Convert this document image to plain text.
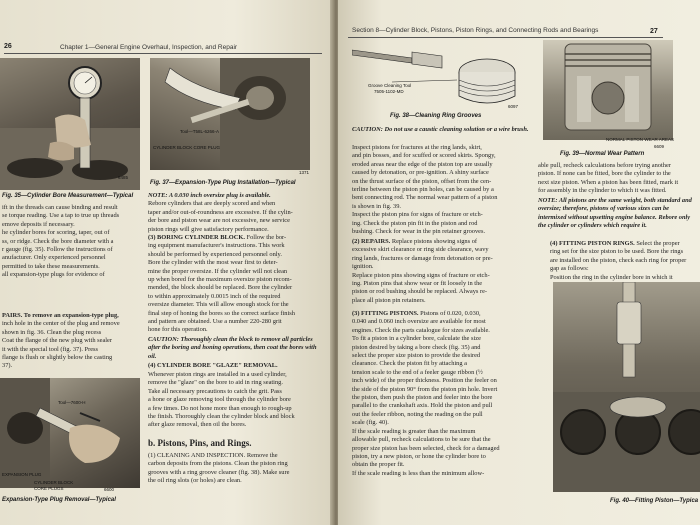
26	Chapter 1—General Engine Overhaul, Inspection, and Repair
6485
Fig. 35—Cylinder Bore Measurement—Typical
Tool—T58L-6266-A
CYLINDER BLOCK CORE PLUG
1371
Fig. 37—Expansion-Type Plug Installation—Typical

ift in the threads can cause binding and result

se torque reading. Use a tap to true up threads

emove deposits if necessary.

he cylinder bores for scoring, taper, out of

ss, or ridge. Check the bore diameter with a

r gauge (fig. 35). Follow the instructions of

anufacturer. Only experienced personnel

permitted to take these measurements.

all expansion-type plugs for evidence of

PAIRS. To remove an expansion-type plug,

inch hole in the center of the plug and remove

shown in fig. 36. Clean the plug recess

Coat the flange of the new plug with sealer

it with the special tool (fig. 37). Press

flange is flush or slightly below the casting

37).

Tool—7600-H
EXPANSION PLUG
CYLINDER BLOCK CORE PLUGS	6600
Expansion-Type Plug Removal—Typical

NOTE: A 0.030 inch oversize plug is available.

Rebore cylinders that are deeply scored and when

taper and/or out-of-roundness are excessive. If the cylin-

der bore and piston wear are not excessive, new service

piston rings will give satisfactory performance.

(3) BORING CYLINDER BLOCK. Follow the bor-

ing equipment manufacturer's instructions. This work

should be performed by experienced personnel only.

Bore the cylinder with the most wear first to deter-

mine the proper oversize. If the cylinder will not clean

up when bored for the maximum oversize piston recom-

mended, the block should be replaced. Bore the cylinder

to within approximately 0.0015 inch of the required

oversize diameter. This will allow enough stock for the

final step of honing the bores so the correct surface finish

and pattern are obtained. Use a number 220-280 grit

hone for this operation.

CAUTION: Thoroughly clean the block to remove all particles after the boring and honing operations, then coat the bores with oil.
(4) CYLINDER BORE "GLAZE" REMOVAL.

Whenever piston rings are installed in a used cylinder,

remove the "glaze" on the bore to aid in ring seating.

Take all necessary precautions to catch the grit. Pass

a hone or glaze removing tool through the cylinder bore

a few times. Do not hone more than enough to rough-up

the finish. Thoroughly clean the cylinder block and block

after glaze removal, then oil the bores.

b. Pistons, Pins, and Rings.

(1) CLEANING AND INSPECTION. Remove the

carbon deposits from the pistons. Clean the piston ring

grooves with a ring groove cleaner (fig. 38). Make sure

the oil ring slots (or holes) are clean.

Section 8—Cylinder Block, Pistons, Piston Rings, and Connecting Rods and Bearings	27
Groove Cleaning Tool
7505-1102-MD
6097
Fig. 38—Cleaning Ring Grooves
NORMAL PISTON WEAR AREAS
6609
Fig. 39—Normal Wear Pattern
CAUTION: Do not use a caustic cleaning solution or a wire brush.

Inspect pistons for fractures at the ring lands, skirt,

and pin bosses, and for scuffed or scored skirts. Spongy,

eroded areas near the edge of the piston top are usually

caused by detonation, or pre-ignition. A shiny surface

on the thrust surface of the piston, offset from the cen-

terline between the piston pin holes, can be caused by a

bent connecting rod. The normal wear pattern of a piston

is shown in fig. 39.

Inspect the piston pins for signs of fracture or etch-

ing. Check the piston pin fit in the piston and rod

bushing. Check for wear in the pin retainer grooves.

(2) REPAIRS. Replace pistons showing signs of

excessive skirt clearance or ring side clearance, wavy

ring lands, fractures or damage from detonation or pre-

ignition.

Replace piston pins showing signs of fracture or etch-

ing. Piston pins that show wear or fit loosely in the

piston or rod bushing should be replaced. Always re-

place all piston pin retainers.

(3) FITTING PISTONS. Pistons of 0.020, 0.030,

0.040 and 0.060 inch oversize are available for most

engines. Check the parts catalogue for sizes available.

To fit a piston in a cylinder bore, calculate the size

piston desired by taking a bore check (fig. 35) and

select the proper size piston to provide the desired

clearance. Check the piston fit by attaching a

tension scale to the end of a feeler gauge ribbon (½

inch wide) of the proper thickness. Position the feeler on

the side of the piston 90° from the piston pin hole. Invert

the piston, then push the piston and feeler into the bore

parallel to the crankshaft axis. Hold the piston and pull

out the feeler ribbon, noting the reading on the pull

scale (fig. 40).

If the scale reading is greater than the maximum

allowable pull, recheck calculations to be sure that the

proper size piston has been selected, check for a damaged

piston, try a new piston, or hone the cylinder bore to

obtain the proper fit.

If the scale reading is less than the minimum allow-

able pull, recheck calculations before trying another

piston. If none can be fitted, bore the cylinder to the

next size piston. When a piston has been fitted, mark it

for assembly in the cylinder to which it was fitted.

NOTE: All pistons are the same weight, both standard and oversize; therefore, pistons of various sizes can be intermixed without upsetting engine balance. Rebore only the cylinder or cylinders which require it.

(4) FITTING PISTON RINGS. Select the proper

ring set for the size piston to be used. Bore the rings

are installed on the piston, check each ring for proper

gap as follows:

Position the ring in the cylinder bore in which it

Fig. 40—Fitting Piston—Typica
